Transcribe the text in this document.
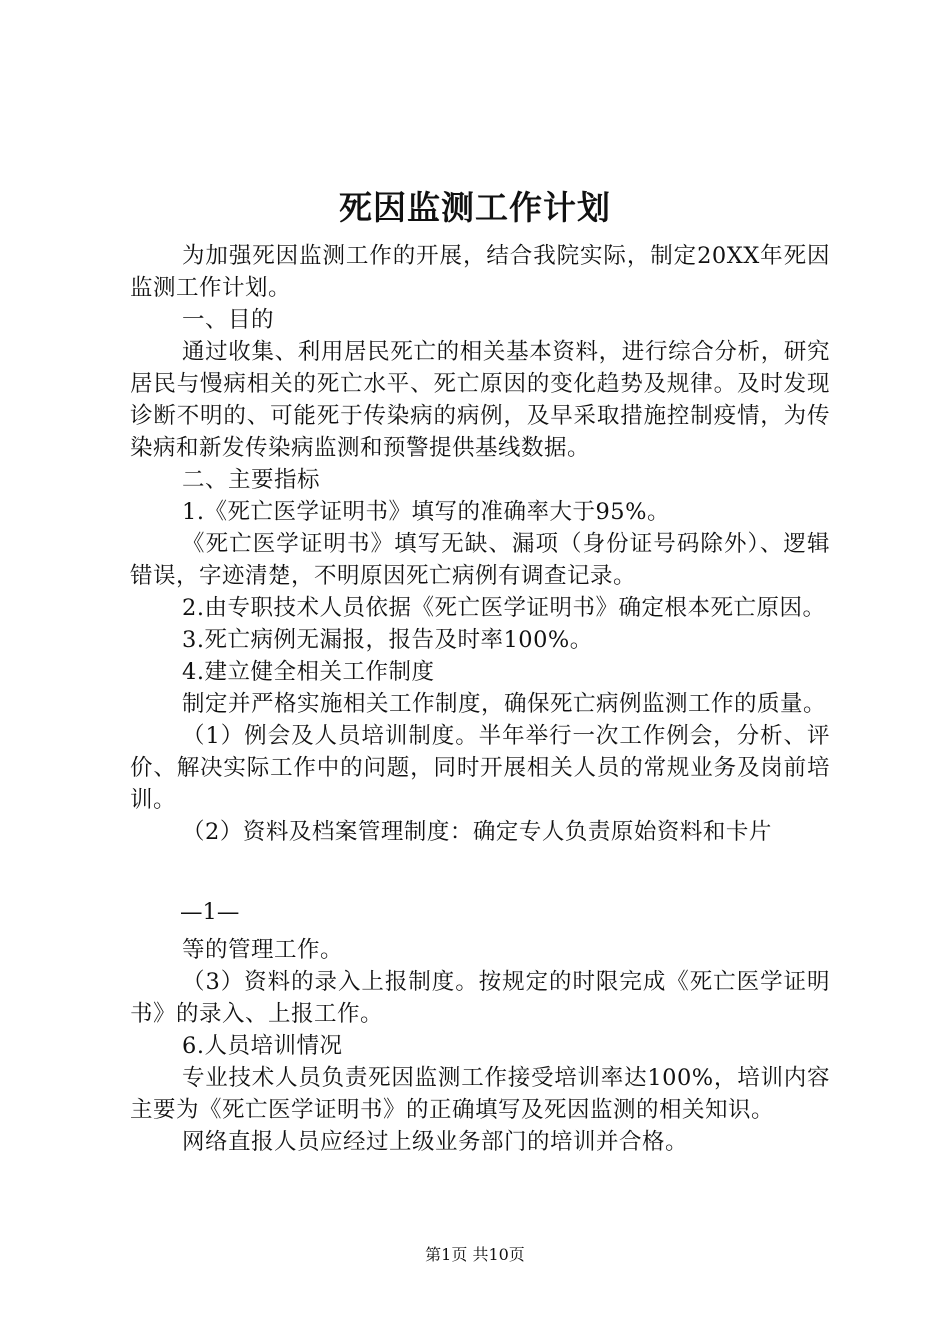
死因监测工作计划

为加强死因监测工作的开展，结合我院实际，制定20XX年死因监测工作计划。

一、目的

通过收集、利用居民死亡的相关基本资料，进行综合分析，研究居民与慢病相关的死亡水平、死亡原因的变化趋势及规律。及时发现诊断不明的、可能死于传染病的病例，及早采取措施控制疫情，为传染病和新发传染病监测和预警提供基线数据。

二、主要指标

1.《死亡医学证明书》填写的准确率大于95%。

《死亡医学证明书》填写无缺、漏项（身份证号码除外）、逻辑错误，字迹清楚，不明原因死亡病例有调查记录。

2.由专职技术人员依据《死亡医学证明书》确定根本死亡原因。

3.死亡病例无漏报，报告及时率100%。

4.建立健全相关工作制度

制定并严格实施相关工作制度，确保死亡病例监测工作的质量。

（1）例会及人员培训制度。半年举行一次工作例会，分析、评价、解决实际工作中的问题，同时开展相关人员的常规业务及岗前培训。

（2）资料及档案管理制度：确定专人负责原始资料和卡片

—1—

等的管理工作。

（3）资料的录入上报制度。按规定的时限完成《死亡医学证明书》的录入、上报工作。

6.人员培训情况

专业技术人员负责死因监测工作接受培训率达100%，培训内容主要为《死亡医学证明书》的正确填写及死因监测的相关知识。

网络直报人员应经过上级业务部门的培训并合格。

第1页 共10页
